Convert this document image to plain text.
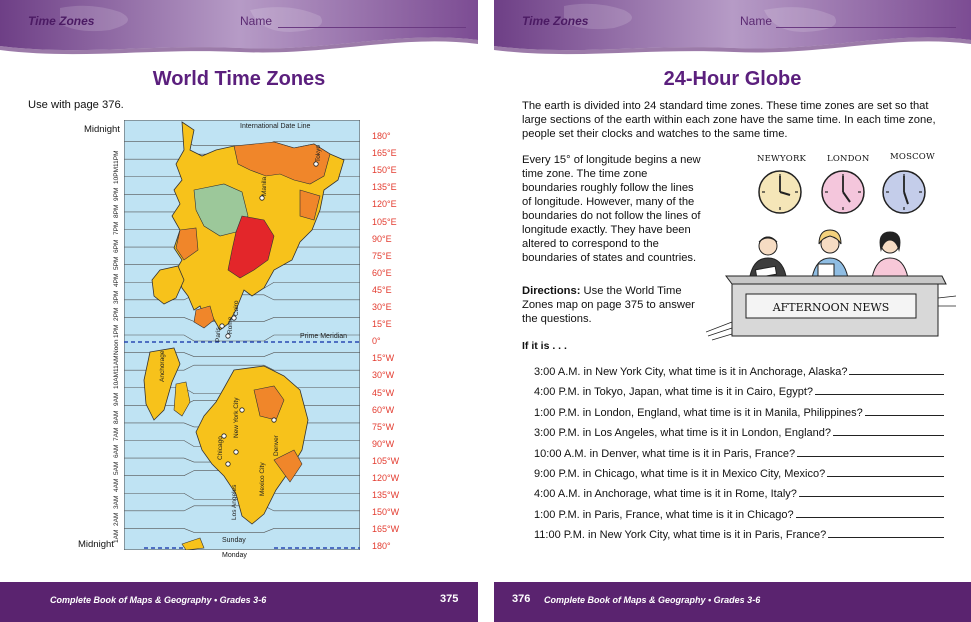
Time Zones	Name
World Time Zones
Use with page 376.
Midnight
Midnight
Manila
Tokyo
Paris
Rome
Cairo
New York City
Chicago
Mexico City
Denver
Los Angeles
Anchorage
International Date Line
Prime Meridian
Sunday
Monday
11PM
10PM
9PM
8PM
7PM
6PM
5PM
4PM
3PM
2PM
1PM
Noon
11AM
10AM
9AM
8AM
7AM
6AM
5AM
4AM
3AM
2AM
1AM
180°
165°E
150°E
135°E
120°E
105°E
90°E
75°E
60°E
45°E
30°E
15°E
0°
15°W
30°W
45°W
60°W
75°W
90°W
105°W
120°W
135°W
150°W
165°W
180°
Complete Book of Maps & Geography • Grades 3-6	375
Time Zones	Name
24-Hour Globe
The earth is divided into 24 standard time zones. These time zones are set so that large sections of the earth within each zone have the same time. In each time zone, people set their clocks and watches to the same time.
Every 15° of longitude begins a new time zone. The time zone boundaries roughly follow the lines of longitude. However, many of the boundaries do not follow the lines of longitude exactly. They have been altered to correspond to the boundaries of states and countries.
Directions: Use the World Time Zones map on page 375 to answer the questions.
If it is . . .
NEWYORK LONDON MOSCOW
AFTERNOON NEWS
3:00 A.M. in New York City, what time is it in Anchorage, Alaska?
4:00 P.M. in Tokyo, Japan, what time is it in Cairo, Egypt?
1:00 P.M. in London, England, what time is it in Manila, Philippines?
3:00 P.M. in Los Angeles, what time is it in London, England?
10:00 A.M. in Denver, what time is it in Paris, France?
9:00 P.M. in Chicago, what time is it in Mexico City, Mexico?
4:00 A.M. in Anchorage, what time is it in Rome, Italy?
1:00 P.M. in Paris, France, what time is it in Chicago?
11:00 P.M. in New York City, what time is it in Paris, France?
376 Complete Book of Maps & Geography • Grades 3-6
